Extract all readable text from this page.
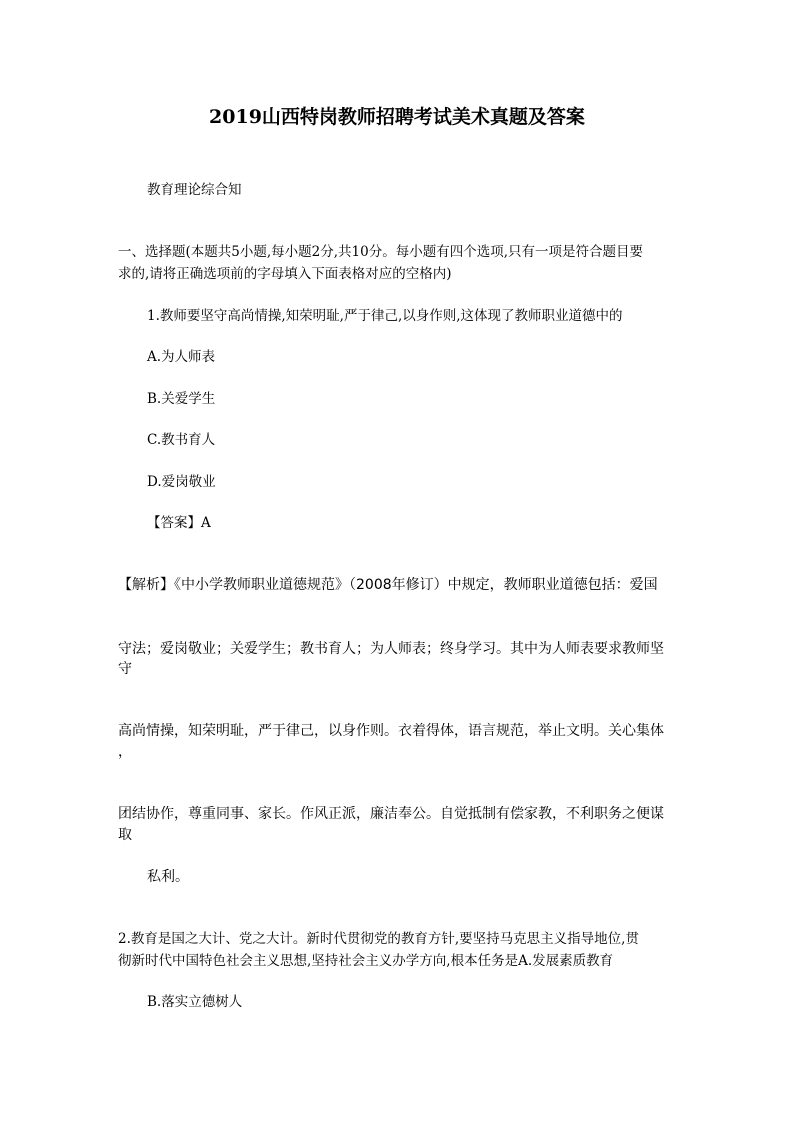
2019山西特岗教师招聘考试美术真题及答案
教育理论综合知
一、选择题(本题共5小题,每小题2分,共10分。每小题有四个选项,只有一项是符合题目要
求的,请将正确选项前的字母填入下面表格对应的空格内)
1.教师要坚守高尚情操,知荣明耻,严于律己,以身作则,这体现了教师职业道德中的
A.为人师表
B.关爱学生
C.教书育人
D.爱岗敬业
【答案】A
【解析】《中小学教师职业道德规范》（2008年修订）中规定，教师职业道德包括：爱国
守法；爱岗敬业；关爱学生；教书育人；为人师表；终身学习。其中为人师表要求教师坚
守
高尚情操，知荣明耻，严于律己，以身作则。衣着得体，语言规范，举止文明。关心集体
，
团结协作，尊重同事、家长。作风正派，廉洁奉公。自觉抵制有偿家教，不利职务之便谋
取
私利。
2.教育是国之大计、党之大计。新时代贯彻党的教育方针,要坚持马克思主义指导地位,贯
彻新时代中国特色社会主义思想,坚持社会主义办学方向,根本任务是A.发展素质教育
B.落实立德树人
